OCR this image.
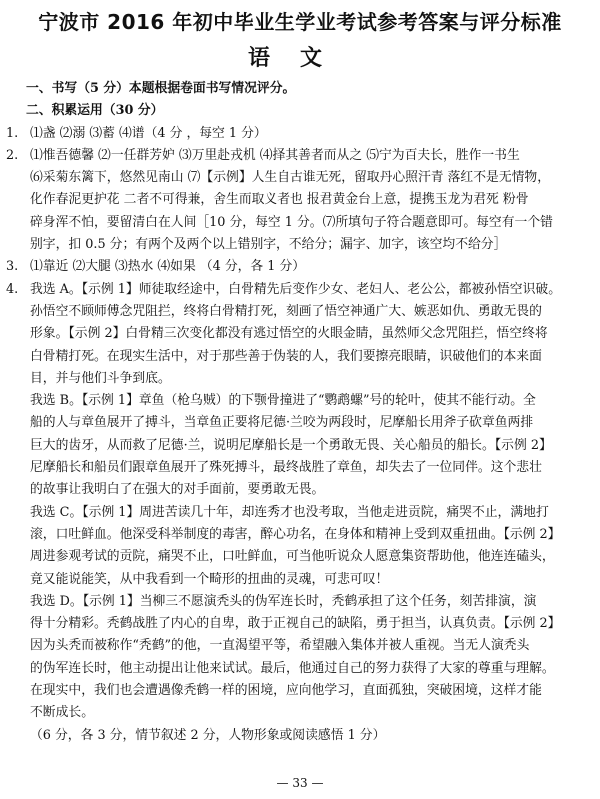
宁波市 2016 年初中毕业生学业考试参考答案与评分标准
语文
一、书写（5 分）本题根据卷面书写情况评分。
二、积累运用（30 分）
1. ⑴盏 ⑵溺 ⑶蓄 ⑷谱（4 分 ，每空 1 分）
2. ⑴惟吾德馨 ⑵一任群芳妒 ⑶万里赴戎机 ⑷择其善者而从之 ⑸宁为百夫长，胜作一书生
⑹采菊东篱下，悠然见南山 ⑺【示例】人生自古谁无死，留取丹心照汗青 落红不是无情物，
化作春泥更护花 二者不可得兼，舍生而取义者也 报君黄金台上意，提携玉龙为君死 粉骨
碎身浑不怕，要留清白在人间［10 分，每空 1 分。⑺所填句子符合题意即可。每空有一个错
别字，扣 0.5 分；有两个及两个以上错别字，不给分；漏字、加字，该空均不给分］
3. ⑴靠近 ⑵大腿 ⑶热水 ⑷如果 （4 分，各 1 分）
4. 我选 A。【示例 1】师徒取经途中，白骨精先后变作少女、老妇人、老公公，都被孙悟空识破。
孙悟空不顾师傅念咒阻拦，终将白骨精打死，刻画了悟空神通广大、嫉恶如仇、勇敢无畏的
形象。【示例 2】白骨精三次变化都没有逃过悟空的火眼金睛，虽然师父念咒阻拦，悟空终将
白骨精打死。在现实生活中，对于那些善于伪装的人，我们要擦亮眼睛，识破他们的本来面
目，并与他们斗争到底。
我选 B。【示例 1】章鱼（枪乌贼）的下颚骨撞进了“鹦鹉螺”号的轮叶，使其不能行动。全
船的人与章鱼展开了搏斗，当章鱼正要将尼德·兰咬为两段时，尼摩船长用斧子砍章鱼两排
巨大的齿牙，从而救了尼德·兰，说明尼摩船长是一个勇敢无畏、关心船员的船长。【示例 2】
尼摩船长和船员们跟章鱼展开了殊死搏斗，最终战胜了章鱼，却失去了一位同伴。这个悲壮
的故事让我明白了在强大的对手面前，要勇敢无畏。
我选 C。【示例 1】周进苦读几十年，却连秀才也没考取，当他走进贡院，痛哭不止，满地打
滚，口吐鲜血。他深受科举制度的毒害，醉心功名，在身体和精神上受到双重扭曲。【示例 2】
周进参观考试的贡院，痛哭不止，口吐鲜血，可当他听说众人愿意集资帮助他，他连连磕头，
竟又能说能笑，从中我看到一个畸形的扭曲的灵魂，可悲可叹！
我选 D。【示例 1】当柳三不愿演秃头的伪军连长时，秃鹤承担了这个任务，刻苦排演，演
得十分精彩。秃鹤战胜了内心的自卑，敢于正视自己的缺陷，勇于担当，认真负责。【示例 2】
因为头秃而被称作“秃鹤”的他，一直渴望平等，希望融入集体并被人重视。当无人演秃头
的伪军连长时，他主动提出让他来试试。最后，他通过自己的努力获得了大家的尊重与理解。
在现实中，我们也会遭遇像秃鹤一样的困境，应向他学习，直面孤独，突破困境，这样才能
不断成长。
（6 分，各 3 分，情节叙述 2 分，人物形象或阅读感悟 1 分）

— 33 —
